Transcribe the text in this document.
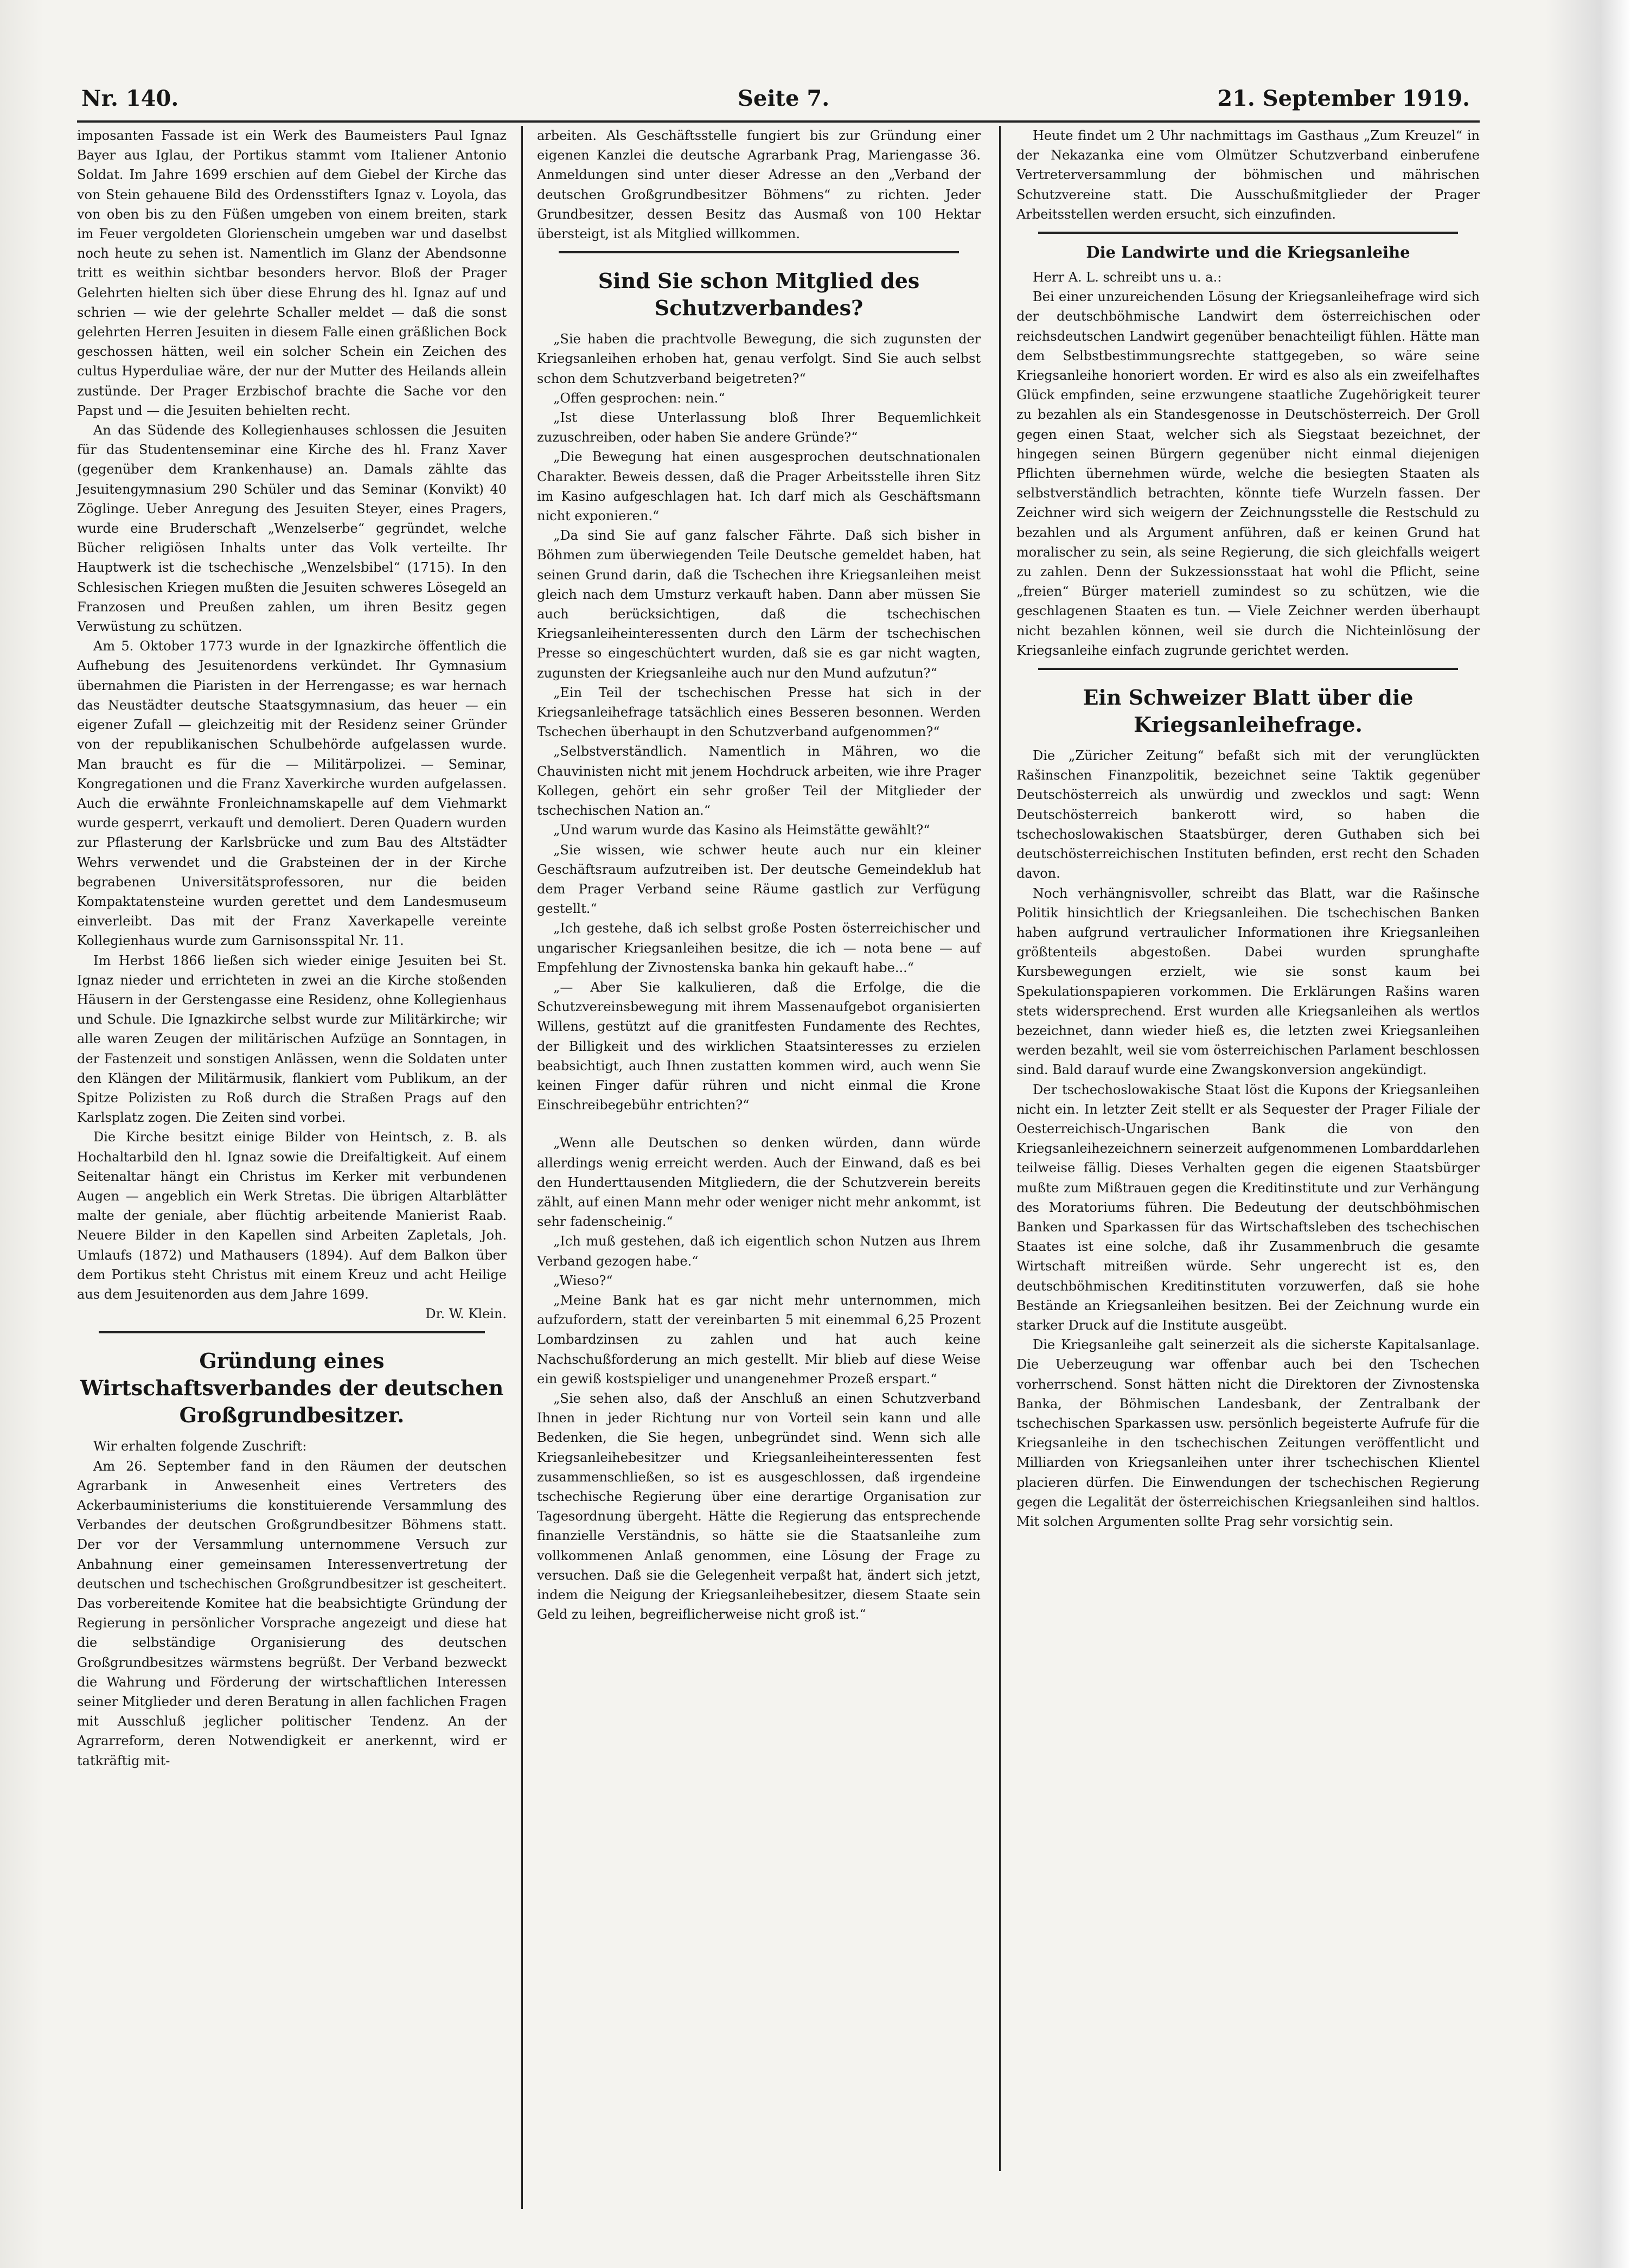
Nr. 140.	Seite 7.	21. September 1919.

imposanten Fassade ist ein Werk des Baumeisters Paul Ignaz Bayer aus Iglau, der Portikus stammt vom Italiener Antonio Soldat. Im Jahre 1699 erschien auf dem Giebel der Kirche das von Stein gehauene Bild des Ordensstifters Ignaz v. Loyola, das von oben bis zu den Füßen umgeben von einem breiten, stark im Feuer vergoldeten Glorienschein umgeben war und daselbst noch heute zu sehen ist. Namentlich im Glanz der Abendsonne tritt es weithin sichtbar besonders hervor. Bloß der Prager Gelehrten hielten sich über diese Ehrung des hl. Ignaz auf und schrien — wie der gelehrte Schaller meldet — daß die sonst gelehrten Herren Jesuiten in diesem Falle einen gräßlichen Bock geschossen hätten, weil ein solcher Schein ein Zeichen des cultus Hyperduliae wäre, der nur der Mutter des Heilands allein zustünde. Der Prager Erzbischof brachte die Sache vor den Papst und — die Jesuiten behielten recht.

An das Südende des Kollegienhauses schlossen die Jesuiten für das Studentenseminar eine Kirche des hl. Franz Xaver (gegenüber dem Krankenhause) an. Damals zählte das Jesuitengymnasium 290 Schüler und das Seminar (Konvikt) 40 Zöglinge. Ueber Anregung des Jesuiten Steyer, eines Pragers, wurde eine Bruderschaft „Wenzelserbe“ gegründet, welche Bücher religiösen Inhalts unter das Volk verteilte. Ihr Hauptwerk ist die tschechische „Wenzelsbibel“ (1715). In den Schlesischen Kriegen mußten die Jesuiten schweres Lösegeld an Franzosen und Preußen zahlen, um ihren Besitz gegen Verwüstung zu schützen.

Am 5. Oktober 1773 wurde in der Ignazkirche öffentlich die Aufhebung des Jesuitenordens verkündet. Ihr Gymnasium übernahmen die Piaristen in der Herrengasse; es war hernach das Neustädter deutsche Staatsgymnasium, das heuer — ein eigener Zufall — gleichzeitig mit der Residenz seiner Gründer von der republikanischen Schulbehörde aufgelassen wurde. Man braucht es für die — Militärpolizei. — Seminar, Kongregationen und die Franz Xaverkirche wurden aufgelassen. Auch die erwähnte Fronleichnamskapelle auf dem Viehmarkt wurde gesperrt, verkauft und demoliert. Deren Quadern wurden zur Pflasterung der Karlsbrücke und zum Bau des Altstädter Wehrs verwendet und die Grabsteinen der in der Kirche begrabenen Universitätsprofessoren, nur die beiden Kompaktatensteine wurden gerettet und dem Landesmuseum einverleibt. Das mit der Franz Xaverkapelle vereinte Kollegienhaus wurde zum Garnisonsspital Nr. 11.

Im Herbst 1866 ließen sich wieder einige Jesuiten bei St. Ignaz nieder und errichteten in zwei an die Kirche stoßenden Häusern in der Gerstengasse eine Residenz, ohne Kollegienhaus und Schule. Die Ignazkirche selbst wurde zur Militärkirche; wir alle waren Zeugen der militärischen Aufzüge an Sonntagen, in der Fastenzeit und sonstigen Anlässen, wenn die Soldaten unter den Klängen der Militärmusik, flankiert vom Publikum, an der Spitze Polizisten zu Roß durch die Straßen Prags auf den Karlsplatz zogen. Die Zeiten sind vorbei.

Die Kirche besitzt einige Bilder von Heintsch, z. B. als Hochaltarbild den hl. Ignaz sowie die Dreifaltigkeit. Auf einem Seitenaltar hängt ein Christus im Kerker mit verbundenen Augen — angeblich ein Werk Stretas. Die übrigen Altarblätter malte der geniale, aber flüchtig arbeitende Manierist Raab. Neuere Bilder in den Kapellen sind Arbeiten Zapletals, Joh. Umlaufs (1872) und Mathausers (1894). Auf dem Balkon über dem Portikus steht Christus mit einem Kreuz und acht Heilige aus dem Jesuitenorden aus dem Jahre 1699.

Dr. W. Klein.
Gründung eines Wirtschaftsverbandes der deutschen Großgrundbesitzer.

Wir erhalten folgende Zuschrift:

Am 26. September fand in den Räumen der deutschen Agrarbank in Anwesenheit eines Vertreters des Ackerbauministeriums die konstituierende Versammlung des Verbandes der deutschen Großgrundbesitzer Böhmens statt. Der vor der Versammlung unternommene Versuch zur Anbahnung einer gemeinsamen Interessenvertretung der deutschen und tschechischen Großgrundbesitzer ist gescheitert. Das vorbereitende Komitee hat die beabsichtigte Gründung der Regierung in persönlicher Vorsprache angezeigt und diese hat die selbständige Organisierung des deutschen Großgrundbesitzes wärmstens begrüßt. Der Verband bezweckt die Wahrung und Förderung der wirtschaftlichen Interessen seiner Mitglieder und deren Beratung in allen fachlichen Fragen mit Ausschluß jeglicher politischer Tendenz. An der Agrarreform, deren Notwendigkeit er anerkennt, wird er tatkräftig mit-

arbeiten. Als Geschäftsstelle fungiert bis zur Gründung einer eigenen Kanzlei die deutsche Agrarbank Prag, Mariengasse 36. Anmeldungen sind unter dieser Adresse an den „Verband der deutschen Großgrundbesitzer Böhmens“ zu richten. Jeder Grundbesitzer, dessen Besitz das Ausmaß von 100 Hektar übersteigt, ist als Mitglied willkommen.

Sind Sie schon Mitglied des Schutzverbandes?

„Sie haben die prachtvolle Bewegung, die sich zugunsten der Kriegsanleihen erhoben hat, genau verfolgt. Sind Sie auch selbst schon dem Schutzverband beigetreten?“

„Offen gesprochen: nein.“

„Ist diese Unterlassung bloß Ihrer Bequemlichkeit zuzuschreiben, oder haben Sie andere Gründe?“

„Die Bewegung hat einen ausgesprochen deutschnationalen Charakter. Beweis dessen, daß die Prager Arbeitsstelle ihren Sitz im Kasino aufgeschlagen hat. Ich darf mich als Geschäftsmann nicht exponieren.“

„Da sind Sie auf ganz falscher Fährte. Daß sich bisher in Böhmen zum überwiegenden Teile Deutsche gemeldet haben, hat seinen Grund darin, daß die Tschechen ihre Kriegsanleihen meist gleich nach dem Umsturz verkauft haben. Dann aber müssen Sie auch berücksichtigen, daß die tschechischen Kriegsanleiheinteressenten durch den Lärm der tschechischen Presse so eingeschüchtert wurden, daß sie es gar nicht wagten, zugunsten der Kriegsanleihe auch nur den Mund aufzutun?“

„Ein Teil der tschechischen Presse hat sich in der Kriegsanleihefrage tatsächlich eines Besseren besonnen. Werden Tschechen überhaupt in den Schutzverband aufgenommen?“

„Selbstverständlich. Namentlich in Mähren, wo die Chauvinisten nicht mit jenem Hochdruck arbeiten, wie ihre Prager Kollegen, gehört ein sehr großer Teil der Mitglieder der tschechischen Nation an.“

„Und warum wurde das Kasino als Heimstätte gewählt?“

„Sie wissen, wie schwer heute auch nur ein kleiner Geschäftsraum aufzutreiben ist. Der deutsche Gemeindeklub hat dem Prager Verband seine Räume gastlich zur Verfügung gestellt.“

„Ich gestehe, daß ich selbst große Posten österreichischer und ungarischer Kriegsanleihen besitze, die ich — nota bene — auf Empfehlung der Zivnostenska banka hin gekauft habe...“

„— Aber Sie kalkulieren, daß die Erfolge, die die Schutzvereinsbewegung mit ihrem Massenaufgebot organisierten Willens, gestützt auf die granitfesten Fundamente des Rechtes, der Billigkeit und des wirklichen Staatsinteresses zu erzielen beabsichtigt, auch Ihnen zustatten kommen wird, auch wenn Sie keinen Finger dafür rühren und nicht einmal die Krone Einschreibegebühr entrichten?“

„Wenn alle Deutschen so denken würden, dann würde allerdings wenig erreicht werden. Auch der Einwand, daß es bei den Hunderttausenden Mitgliedern, die der Schutzverein bereits zählt, auf einen Mann mehr oder weniger nicht mehr ankommt, ist sehr fadenscheinig.“

„Ich muß gestehen, daß ich eigentlich schon Nutzen aus Ihrem Verband gezogen habe.“

„Wieso?“

„Meine Bank hat es gar nicht mehr unternommen, mich aufzufordern, statt der vereinbarten 5 mit einemmal 6,25 Prozent Lombardzinsen zu zahlen und hat auch keine Nachschußforderung an mich gestellt. Mir blieb auf diese Weise ein gewiß kostspieliger und unangenehmer Prozeß erspart.“

„Sie sehen also, daß der Anschluß an einen Schutzverband Ihnen in jeder Richtung nur von Vorteil sein kann und alle Bedenken, die Sie hegen, unbegründet sind. Wenn sich alle Kriegsanleihebesitzer und Kriegsanleiheinteressenten fest zusammenschließen, so ist es ausgeschlossen, daß irgendeine tschechische Regierung über eine derartige Organisation zur Tagesordnung übergeht. Hätte die Regierung das entsprechende finanzielle Verständnis, so hätte sie die Staatsanleihe zum vollkommenen Anlaß genommen, eine Lösung der Frage zu versuchen. Daß sie die Gelegenheit verpaßt hat, ändert sich jetzt, indem die Neigung der Kriegsanleihebesitzer, diesem Staate sein Geld zu leihen, begreiflicherweise nicht groß ist.“

Heute findet um 2 Uhr nachmittags im Gasthaus „Zum Kreuzel“ in der Nekazanka eine vom Olmützer Schutzverband einberufene Vertreterversammlung der böhmischen und mährischen Schutzvereine statt. Die Ausschußmitglieder der Prager Arbeitsstellen werden ersucht, sich einzufinden.

Die Landwirte und die Kriegsanleihe

Herr A. L. schreibt uns u. a.:

Bei einer unzureichenden Lösung der Kriegsanleihefrage wird sich der deutschböhmische Landwirt dem österreichischen oder reichsdeutschen Landwirt gegenüber benachteiligt fühlen. Hätte man dem Selbstbestimmungsrechte stattgegeben, so wäre seine Kriegsanleihe honoriert worden. Er wird es also als ein zweifelhaftes Glück empfinden, seine erzwungene staatliche Zugehörigkeit teurer zu bezahlen als ein Standesgenosse in Deutschösterreich. Der Groll gegen einen Staat, welcher sich als Siegstaat bezeichnet, der hingegen seinen Bürgern gegenüber nicht einmal diejenigen Pflichten übernehmen würde, welche die besiegten Staaten als selbstverständlich betrachten, könnte tiefe Wurzeln fassen. Der Zeichner wird sich weigern der Zeichnungsstelle die Restschuld zu bezahlen und als Argument anführen, daß er keinen Grund hat moralischer zu sein, als seine Regierung, die sich gleichfalls weigert zu zahlen. Denn der Sukzessionsstaat hat wohl die Pflicht, seine „freien“ Bürger materiell zumindest so zu schützen, wie die geschlagenen Staaten es tun. — Viele Zeichner werden überhaupt nicht bezahlen können, weil sie durch die Nichteinlösung der Kriegsanleihe einfach zugrunde gerichtet werden.

Ein Schweizer Blatt über die Kriegsanleihefrage.

Die „Züricher Zeitung“ befaßt sich mit der verunglückten Rašinschen Finanzpolitik, bezeichnet seine Taktik gegenüber Deutschösterreich als unwürdig und zwecklos und sagt: Wenn Deutschösterreich bankerott wird, so haben die tschechoslowakischen Staatsbürger, deren Guthaben sich bei deutschösterreichischen Instituten befinden, erst recht den Schaden davon.

Noch verhängnisvoller, schreibt das Blatt, war die Rašinsche Politik hinsichtlich der Kriegsanleihen. Die tschechischen Banken haben aufgrund vertraulicher Informationen ihre Kriegsanleihen größtenteils abgestoßen. Dabei wurden sprunghafte Kursbewegungen erzielt, wie sie sonst kaum bei Spekulationspapieren vorkommen. Die Erklärungen Rašins waren stets widersprechend. Erst wurden alle Kriegsanleihen als wertlos bezeichnet, dann wieder hieß es, die letzten zwei Kriegsanleihen werden bezahlt, weil sie vom österreichischen Parlament beschlossen sind. Bald darauf wurde eine Zwangskonversion angekündigt.

Der tschechoslowakische Staat löst die Kupons der Kriegsanleihen nicht ein. In letzter Zeit stellt er als Sequester der Prager Filiale der Oesterreichisch-Ungarischen Bank die von den Kriegsanleihezeichnern seinerzeit aufgenommenen Lombarddarlehen teilweise fällig. Dieses Verhalten gegen die eigenen Staatsbürger mußte zum Mißtrauen gegen die Kreditinstitute und zur Verhängung des Moratoriums führen. Die Bedeutung der deutschböhmischen Banken und Sparkassen für das Wirtschaftsleben des tschechischen Staates ist eine solche, daß ihr Zusammenbruch die gesamte Wirtschaft mitreißen würde. Sehr ungerecht ist es, den deutschböhmischen Kreditinstituten vorzuwerfen, daß sie hohe Bestände an Kriegsanleihen besitzen. Bei der Zeichnung wurde ein starker Druck auf die Institute ausgeübt.

Die Kriegsanleihe galt seinerzeit als die sicherste Kapitalsanlage. Die Ueberzeugung war offenbar auch bei den Tschechen vorherrschend. Sonst hätten nicht die Direktoren der Zivnostenska Banka, der Böhmischen Landesbank, der Zentralbank der tschechischen Sparkassen usw. persönlich begeisterte Aufrufe für die Kriegsanleihe in den tschechischen Zeitungen veröffentlicht und Milliarden von Kriegsanleihen unter ihrer tschechischen Klientel placieren dürfen. Die Einwendungen der tschechischen Regierung gegen die Legalität der österreichischen Kriegsanleihen sind haltlos. Mit solchen Argumenten sollte Prag sehr vorsichtig sein.
